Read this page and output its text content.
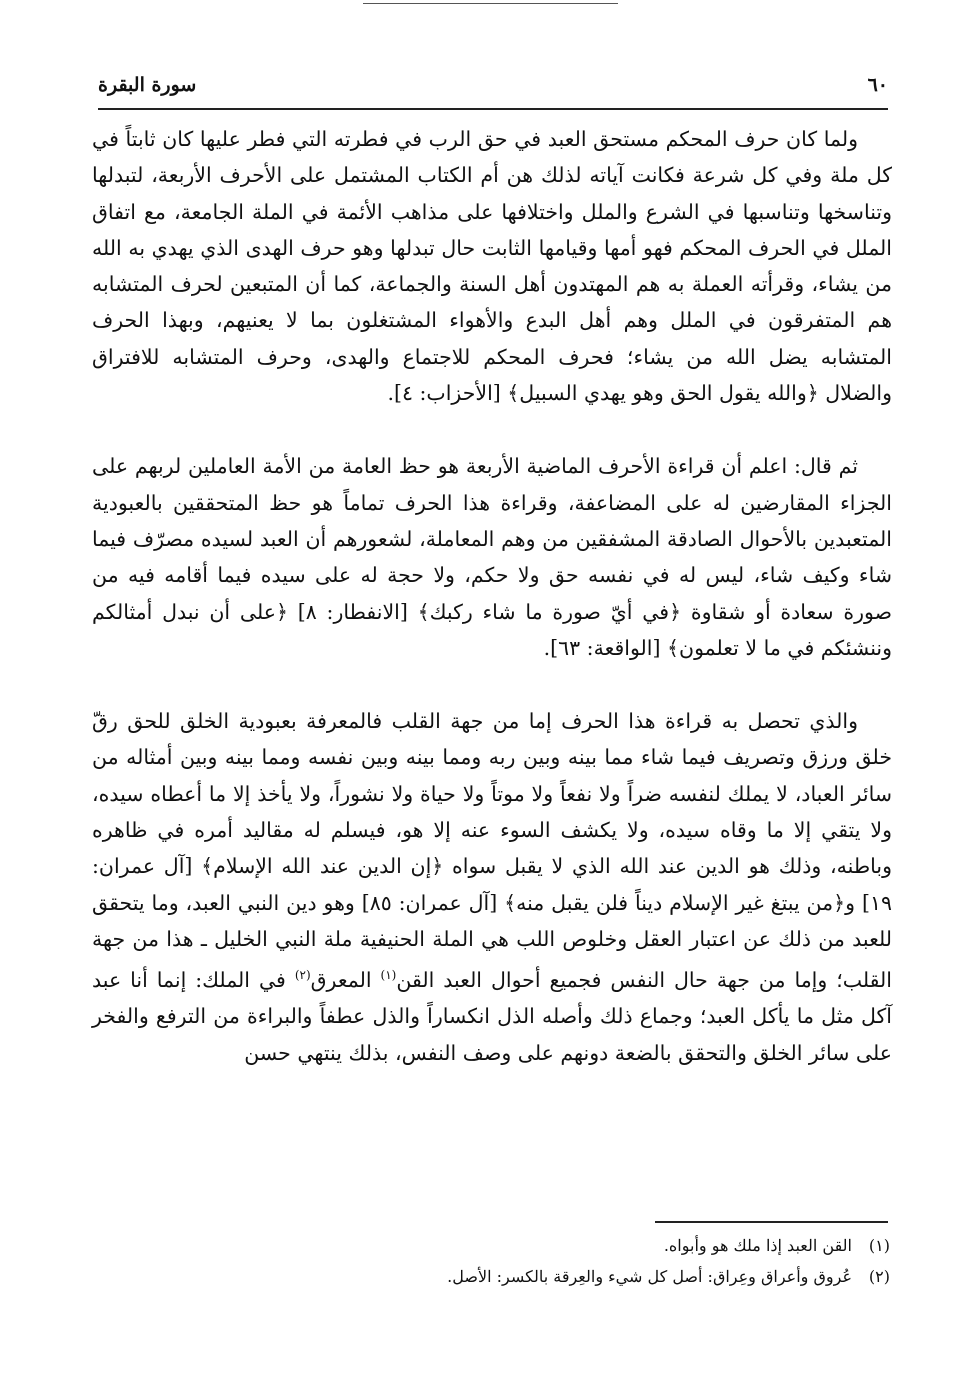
٦٠
سورة البقرة

ولما كان حرف المحكم مستحق العبد في حق الرب في فطرته التي فطر عليها كان ثابتاً في كل ملة وفي كل شرعة فكانت آياته لذلك هن أم الكتاب المشتمل على الأحرف الأربعة، لتبدلها وتناسخها وتناسبها في الشرع والملل واختلافها على مذاهب الأئمة في الملة الجامعة، مع اتفاق الملل في الحرف المحكم فهو أمها وقيامها الثابت حال تبدلها وهو حرف الهدى الذي يهدي به الله من يشاء، وقرأته العملة به هم المهتدون أهل السنة والجماعة، كما أن المتبعين لحرف المتشابه هم المتفرقون في الملل وهم أهل البدع والأهواء المشتغلون بما لا يعنيهم، وبهذا الحرف المتشابه يضل الله من يشاء؛ فحرف المحكم للاجتماع والهدى، وحرف المتشابه للافتراق والضلال ﴿والله يقول الحق وهو يهدي السبيل﴾ [الأحزاب: ٤].

ثم قال: اعلم أن قراءة الأحرف الماضية الأربعة هو حظ العامة من الأمة العاملين لربهم على الجزاء المقارضين له على المضاعفة، وقراءة هذا الحرف تماماً هو حظ المتحققين بالعبودية المتعبدين بالأحوال الصادقة المشفقين من وهم المعاملة، لشعورهم أن العبد لسيده مصرّف فيما شاء وكيف شاء، ليس له في نفسه حق ولا حكم، ولا حجة له على سيده فيما أقامه فيه من صورة سعادة أو شقاوة ﴿في أيّ صورة ما شاء ركبك﴾ [الانفطار: ٨] ﴿على أن نبدل أمثالكم وننشئكم في ما لا تعلمون﴾ [الواقعة: ٦٣].

والذي تحصل به قراءة هذا الحرف إما من جهة القلب فالمعرفة بعبودية الخلق للحق رقّ خلق ورزق وتصريف فيما شاء مما بينه وبين ربه ومما بينه وبين نفسه ومما بينه وبين أمثاله من سائر العباد، لا يملك لنفسه ضراً ولا نفعاً ولا موتاً ولا حياة ولا نشوراً، ولا يأخذ إلا ما أعطاه سيده، ولا يتقي إلا ما وقاه سيده، ولا يكشف السوء عنه إلا هو، فيسلم له مقاليد أمره في ظاهره وباطنه، وذلك هو الدين عند الله الذي لا يقبل سواه ﴿إن الدين عند الله الإسلام﴾ [آل عمران: ١٩] و﴿من يبتغ غير الإسلام ديناً فلن يقبل منه﴾ [آل عمران: ٨٥] وهو دين النبي العبد، وما يتحقق للعبد من ذلك عن اعتبار العقل وخلوص اللب هي الملة الحنيفية ملة النبي الخليل ـ هذا من جهة القلب؛ وإما من جهة حال النفس فجميع أحوال العبد القن$^{(١)}$ المعرق$^{(٢)}$ في الملك: إنما أنا عبد آكل مثل ما يأكل العبد؛ وجماع ذلك وأصله الذل انكساراً والذل عطفاً والبراءة من الترفع والفخر على سائر الخلق والتحقق بالضعة دونهم على وصف النفس، بذلك ينتهي حسن

(١)القن العبد إذا ملك هو وأبواه.
(٢)عُروق وأعراق وعِراق: أصل كل شيء والعِرقة بالكسر: الأصل.
